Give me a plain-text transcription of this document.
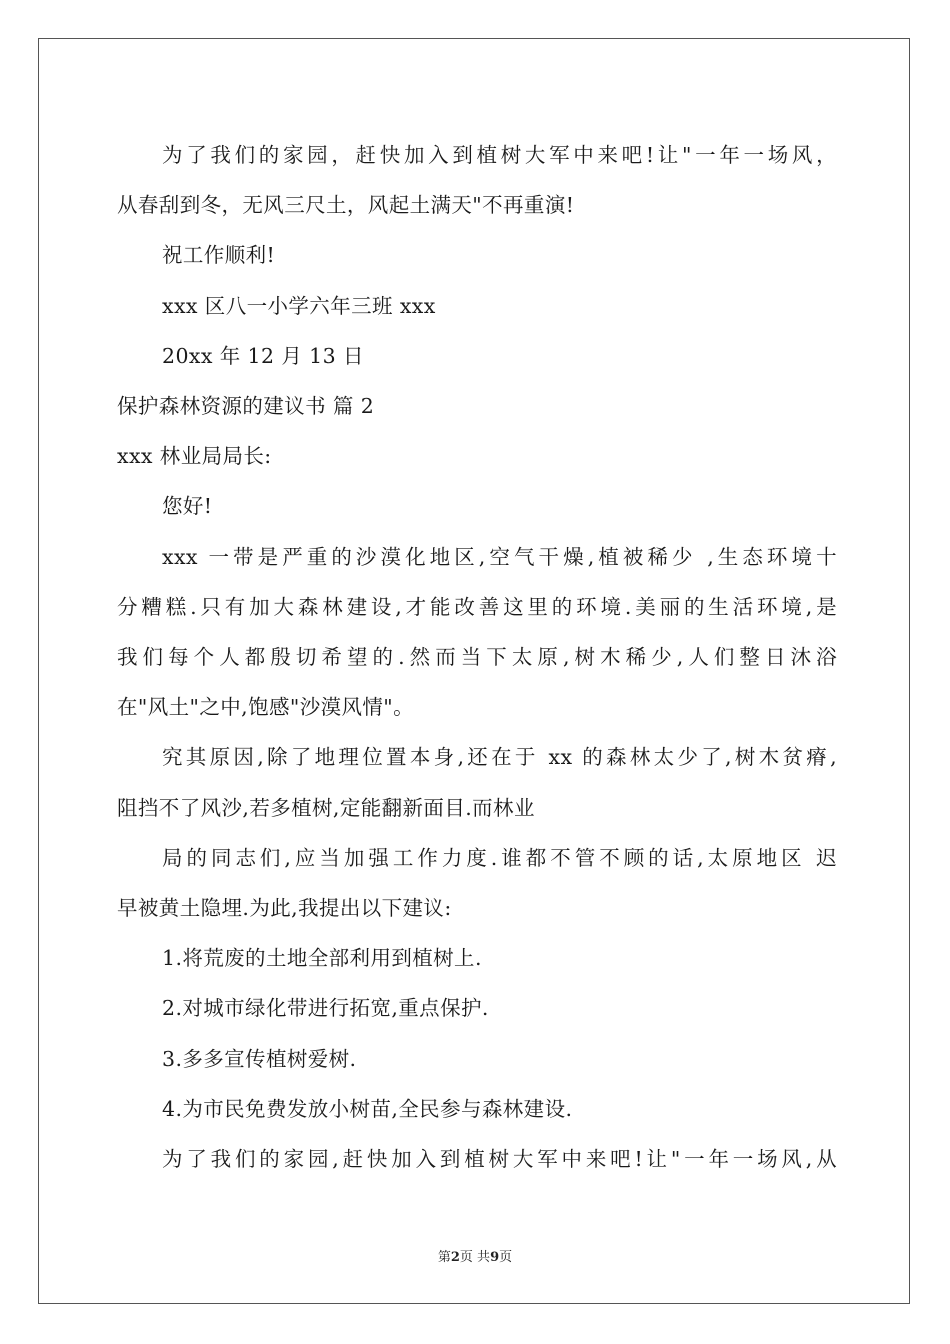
为了我们的家园，赶快加入到植树大军中来吧!让"一年一场风，
从春刮到冬，无风三尺土，风起土满天"不再重演!
祝工作顺利!
xxx 区八一小学六年三班 xxx
20xx 年 12 月 13 日
保护森林资源的建议书 篇 2
xxx 林业局局长:
您好!
xxx 一带是严重的沙漠化地区,空气干燥,植被稀少 ,生态环境十
分糟糕.只有加大森林建设,才能改善这里的环境.美丽的生活环境,是
我们每个人都殷切希望的.然而当下太原,树木稀少,人们整日沐浴
在"风土"之中,饱感"沙漠风情"。
究其原因,除了地理位置本身,还在于 xx 的森林太少了,树木贫瘠,
阻挡不了风沙,若多植树,定能翻新面目.而林业
局的同志们,应当加强工作力度.谁都不管不顾的话,太原地区 迟
早被黄土隐埋.为此,我提出以下建议:
1.将荒废的土地全部利用到植树上.
2.对城市绿化带进行拓宽,重点保护.
3.多多宣传植树爱树.
4.为市民免费发放小树苗,全民参与森林建设.
为了我们的家园,赶快加入到植树大军中来吧!让"一年一场风,从
第2页 共9页
